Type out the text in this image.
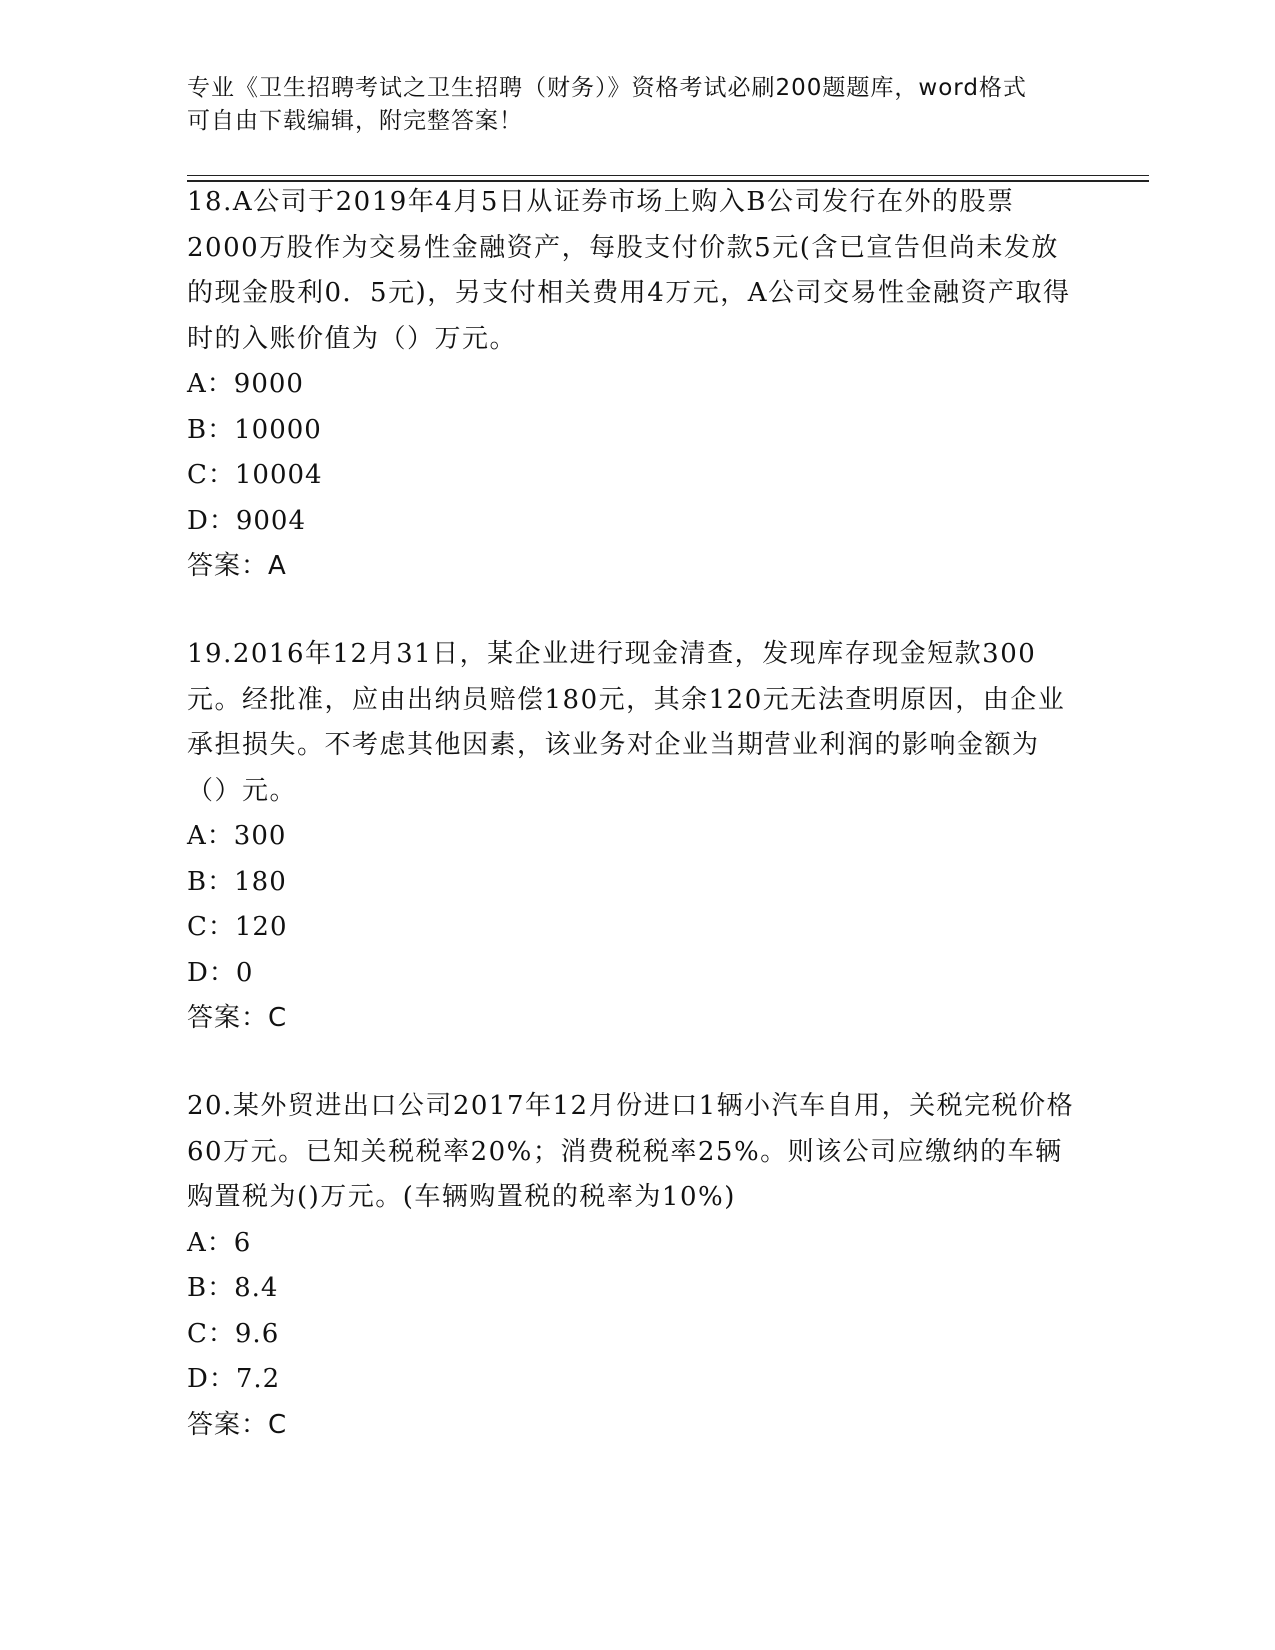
专业《卫生招聘考试之卫生招聘（财务）》资格考试必刷200题题库，word格式
可自由下载编辑，附完整答案！

18.A公司于2019年4月5日从证券市场上购入B公司发行在外的股票2000万股作为交易性金融资产，每股支付价款5元(含已宣告但尚未发放的现金股利0．5元)，另支付相关费用4万元，A公司交易性金融资产取得时的入账价值为（）万元。

A：9000

B：10000

C：10004

D：9004

答案：A

19.2016年12月31日，某企业进行现金清查，发现库存现金短款300元。经批准，应由出纳员赔偿180元，其余120元无法查明原因，由企业承担损失。不考虑其他因素，该业务对企业当期营业利润的影响金额为（）元。

A：300

B：180

C：120

D：0

答案：C

20.某外贸进出口公司2017年12月份进口1辆小汽车自用，关税完税价格60万元。已知关税税率20%；消费税税率25%。则该公司应缴纳的车辆购置税为()万元。(车辆购置税的税率为10%)

A：6

B：8.4

C：9.6

D：7.2

答案：C
